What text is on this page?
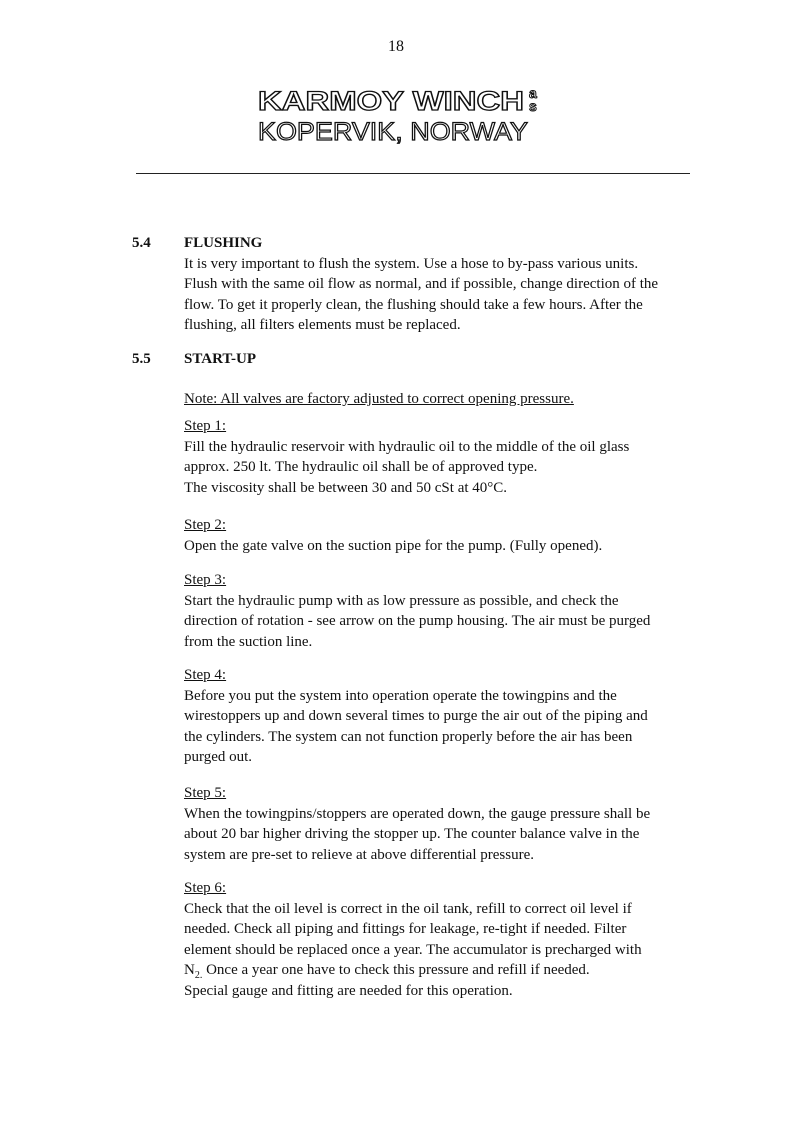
18
KARMOY WINCH a
s
KOPERVIK, NORWAY
5.4 FLUSHING
It is very important to flush the system. Use a hose to by-pass various units.
Flush with the same oil flow as normal, and if possible, change direction of the
flow. To get it properly clean, the flushing should take a few hours. After the
flushing, all filters elements must be replaced.
5.5 START-UP
Note: All valves are factory adjusted to correct opening pressure.
Step 1:
Fill the hydraulic reservoir with hydraulic oil to the middle of the oil glass
approx. 250 lt. The hydraulic oil shall be of approved type.
The viscosity shall be between 30 and 50 cSt at 40°C.
Step 2:
Open the gate valve on the suction pipe for the pump. (Fully opened).
Step 3:
Start the hydraulic pump with as low pressure as possible, and check the
direction of rotation - see arrow on the pump housing. The air must be purged
from the suction line.
Step 4:
Before you put the system into operation operate the towingpins and the
wirestoppers up and down several times to purge the air out of the piping and
the cylinders. The system can not function properly before the air has been
purged out.
Step 5:
When the towingpins/stoppers are operated down, the gauge pressure shall be
about 20 bar higher driving the stopper up. The counter balance valve in the
system are pre-set to relieve at above differential pressure.
Step 6:
Check that the oil level is correct in the oil tank, refill to correct oil level if
needed. Check all piping and fittings for leakage, re-tight if needed. Filter
element should be replaced once a year. The accumulator is precharged with
$N_{2.}$ Once a year one have to check this pressure and refill if needed.
Special gauge and fitting are needed for this operation.
